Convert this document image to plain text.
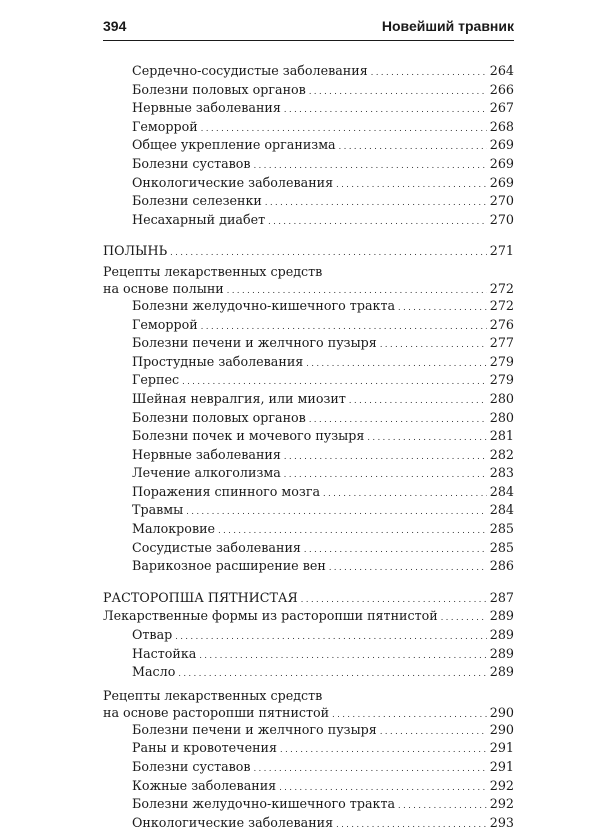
394	Новейший травник
Сердечно-сосудистые заболевания . . .	264
Болезни половых органов . . .	266
Нервные заболевания . . .	267
Геморрой . . .	268
Общее укрепление организма . . .	269
Болезни суставов . . .	269
Онкологические заболевания . . .	269
Болезни селезенки . . .	270
Несахарный диабет . . .	270
ПОЛЫНЬ . . .	271
Рецепты лекарственных средств
на основе полыни . . .	272
Болезни желудочно-кишечного тракта . . .	272
Геморрой . . .	276
Болезни печени и желчного пузыря . . .	277
Простудные заболевания . . .	279
Герпес . . .	279
Шейная невралгия, или миозит . . .	280
Болезни половых органов . . .	280
Болезни почек и мочевого пузыря . . .	281
Нервные заболевания . . .	282
Лечение алкоголизма . . .	283
Поражения спинного мозга . . .	284
Травмы . . .	284
Малокровие . . .	285
Сосудистые заболевания . . .	285
Варикозное расширение вен . . .	286
РАСТОРОПША ПЯТНИСТАЯ . . .	287
Лекарственные формы из расторопши пятнистой . . .	289
Отвар . . .	289
Настойка . . .	289
Масло . . .	289
Рецепты лекарственных средств
на основе расторопши пятнистой . . .	290
Болезни печени и желчного пузыря . . .	290
Раны и кровотечения . . .	291
Болезни суставов . . .	291
Кожные заболевания . . .	292
Болезни желудочно-кишечного тракта . . .	292
Онкологические заболевания . . .	293
